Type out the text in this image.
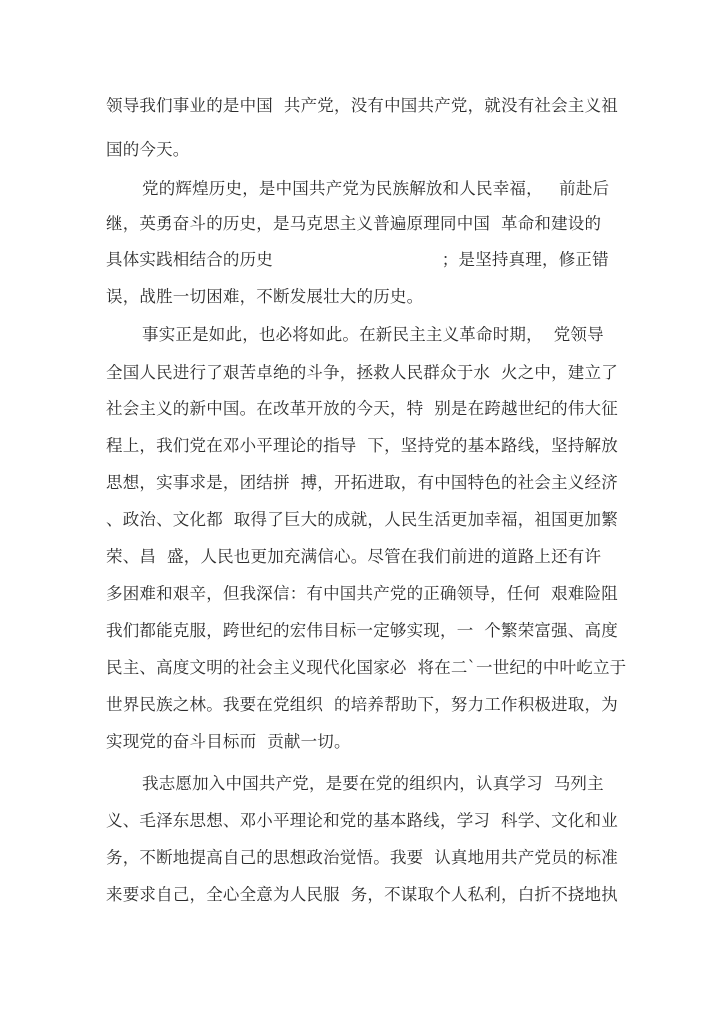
领导我们事业的是中国  共产党，没有中国共产党，就没有社会主义祖
国的今天。
党的辉煌历史，是中国共产党为民族解放和人民幸福，   前赴后
继，英勇奋斗的历史，是马克思主义普遍原理同中国  革命和建设的
具体实践相结合的历史                               ；是坚持真理，修正错
误，战胜一切困难，不断发展壮大的历史。
事实正是如此，也必将如此。在新民主主义革命时期，  党领导
全国人民进行了艰苦卓绝的斗争，拯救人民群众于水  火之中，建立了
社会主义的新中国。在改革开放的今天，特  别是在跨越世纪的伟大征
程上，我们党在邓小平理论的指导  下，坚持党的基本路线，坚持解放
思想，实事求是，团结拼  搏，开拓进取，有中国特色的社会主义经济
、政治、文化都  取得了巨大的成就，人民生活更加幸福，祖国更加繁
荣、昌  盛，人民也更加充满信心。尽管在我们前进的道路上还有许
多困难和艰辛，但我深信：有中国共产党的正确领导，任何  艰难险阻
我们都能克服，跨世纪的宏伟目标一定够实现，一  个繁荣富强、高度
民主、高度文明的社会主义现代化国家必  将在二`一世纪的中叶屹立于
世界民族之林。我要在党组织  的培养帮助下，努力工作积极进取，为
实现党的奋斗目标而  贡献一切。
我志愿加入中国共产党，是要在党的组织内，认真学习  马列主
义、毛泽东思想、邓小平理论和党的基本路线，学习  科学、文化和业
务，不断地提高自己的思想政治觉悟。我要  认真地用共产党员的标准
来要求自己，全心全意为人民服  务，不谋取个人私利，白折不挠地执
